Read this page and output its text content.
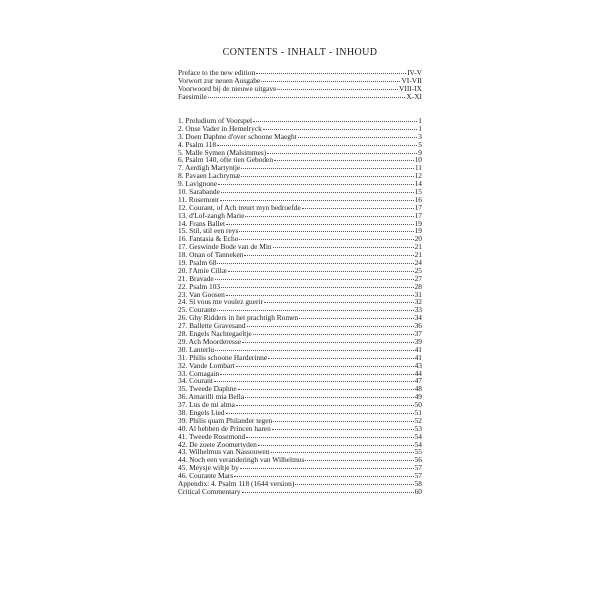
CONTENTS - INHALT - INHOUD
Preface to the new edition	IV-V
Vorwort zur neuen Ausgabe	VI-VII
Voorwoord bij de nieuwe uitgave	VIII-IX
Faesimile	X-XI
1. Preludium of Voorspel	1
2. Onse Vader in Hemelryck	1
3. Doen Daphne d'over schoone Maeght	3
4. Psalm 118	5
5. Malle Symen (Malsimmes)	9
6. Psalm 140, ofte tien Geboden	10
7. Aerdigh Martyntje	11
8. Pavaen Lachrymæ	12
9. Lavignone	14
10. Sarabande	15
11. Rosemont	16
12. Courant, of Ach treurt myn bedroefde	17
13. d'Lof-zangh Marie	17
14. Frans Ballet	19
15. Stil, stil een reys	19
16. Fantasia & Echo	20
17. Geswinde Bode van de Min	21
18. Onan of Tanneken	21
19. Psalm 68	24
20. l'Amie Cillæ	25
21. Bravade	27
22. Psalm 103	28
23. Van Goosen	31
24. Si vous me voulez guerir	32
25. Courante	33
26. Ghy Ridders in het prachtigh Romen	34
27. Ballette Gravesand	36
28. Engels Nachtegaeltje	37
29. Ach Moorderesse	39
30. Lanterlu	41
31. Philis schoone Harderinne	41
32. Vande Lombart	43
33. Comagain	44
34. Courant	47
35. Tweede Daphne	48
36. Amarilli mia Bella	49
37. Lus de mi alma	50
38. Engels Lied	51
39. Philis quam Philander tegen	52
40. Al hebben de Princen haren	53
41. Tweede Rosemond	54
42. De zoete Zoomertyden	54
43. Wilhelmus van Nassouwen	55
44. Noch een veranderingh van Wilhelmus	56
45. Meysje wiltje by	57
46. Courante Mars	57
Appendix: 4. Psalm 118 (1644 version)	58
Critical Commentary	60
